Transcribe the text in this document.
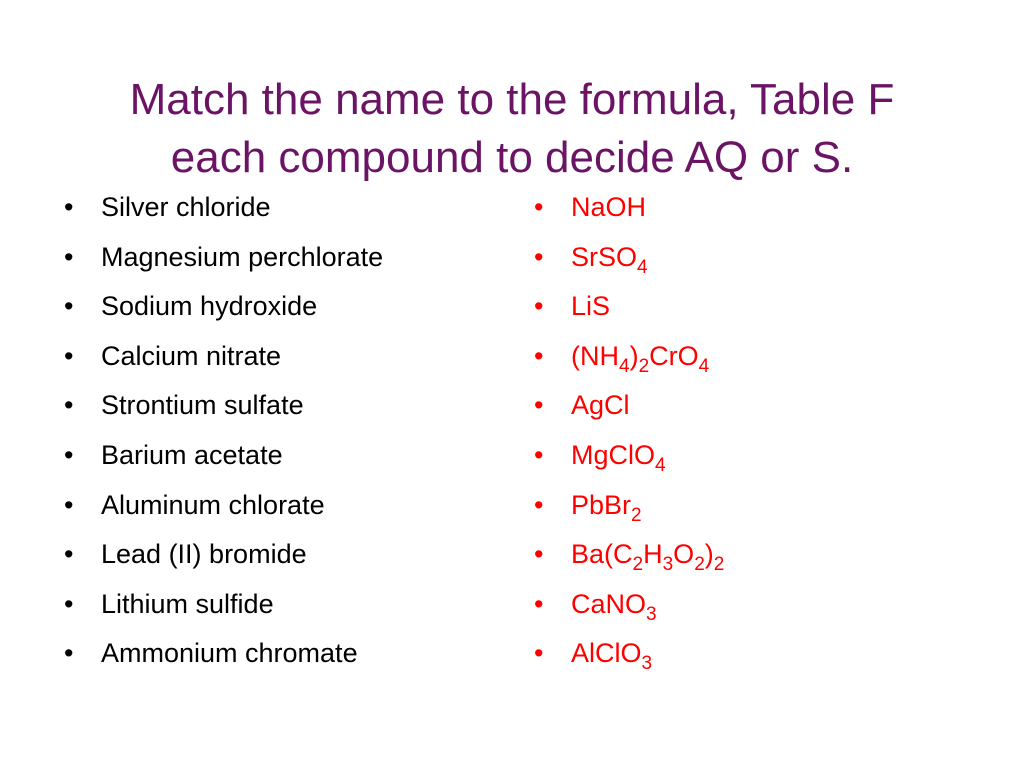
Match the name to the formula, Table F
each compound to decide AQ or S.
• Silver chloride
• Magnesium perchlorate
• Sodium hydroxide
• Calcium nitrate
• Strontium sulfate
• Barium acetate
• Aluminum chlorate
• Lead (II) bromide
• Lithium sulfide
• Ammonium chromate
• NaOH
• SrSO$_4$
• LiS
• $(NH_4)_2CrO_4$
• AgCl
• MgClO$_4$
• PbBr$_2$
• $Ba(C_2H_3O_2)_2$
• CaNO$_3$
• AlClO$_3$
